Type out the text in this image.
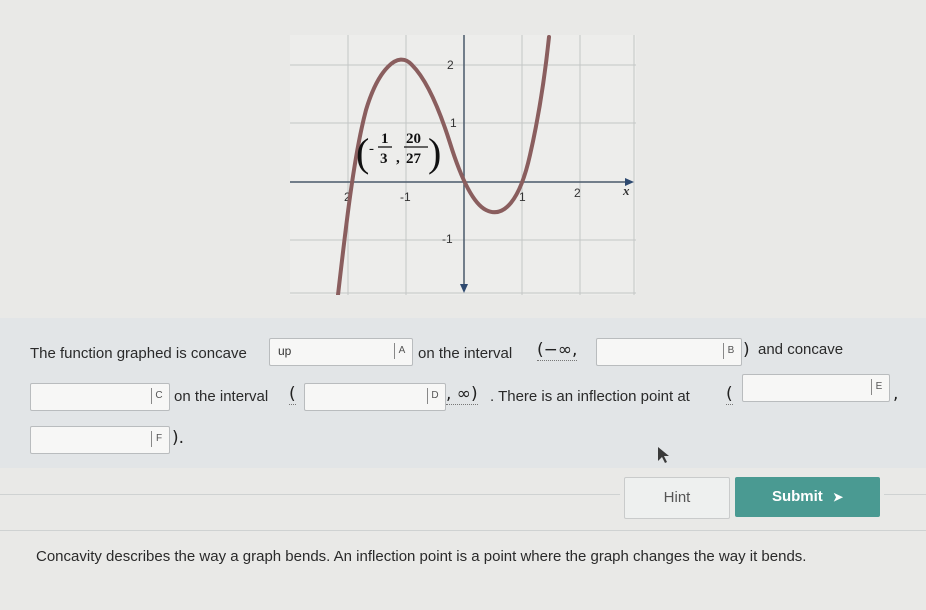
2	-1	1	2	x
2
1
-1
( -
1
3 ,
20
27 )
The function graphed is concave	up	A on the interval (−∞,	B ) and concave
C on the interval (	D , ∞) . There is an inflection point at (	E ,
F ).
Hint	Submit ➤
Concavity describes the way a graph bends. An inflection point is a point where the graph changes the way it bends.
